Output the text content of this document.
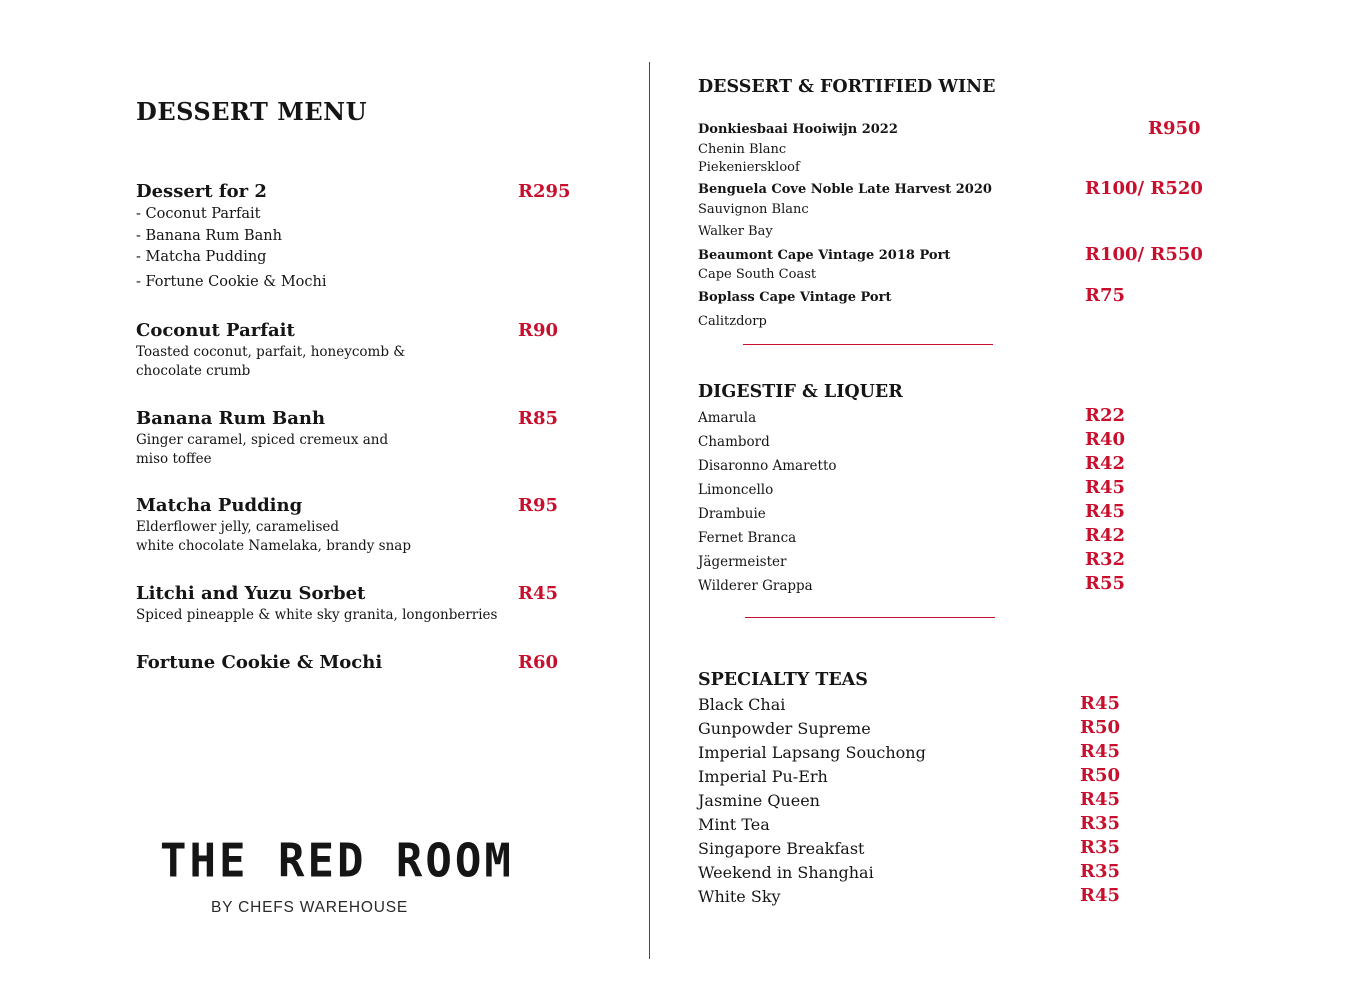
DESSERT MENU
Dessert for 2	R295
- Coconut Parfait
- Banana Rum Banh
- Matcha Pudding
- Fortune Cookie & Mochi
Coconut Parfait	R90
Toasted coconut, parfait, honeycomb &
chocolate crumb
Banana Rum Banh	R85
Ginger caramel, spiced cremeux and
miso toffee
Matcha Pudding	R95
Elderflower jelly, caramelised
white chocolate Namelaka, brandy snap
Litchi and Yuzu Sorbet	R45
Spiced pineapple & white sky granita, longonberries
Fortune Cookie & Mochi	R60
THE RED ROOM
BY CHEFS WAREHOUSE
DESSERT & FORTIFIED WINE
Donkiesbaai Hooiwijn 2022
Chenin Blanc
Piekenierskloof
R950
Benguela Cove Noble Late Harvest 2020
Sauvignon Blanc
Walker Bay
R100/ R520
Beaumont Cape Vintage 2018 Port
Cape South Coast
R100/ R550
Boplass Cape Vintage Port
Calitzdorp
R75
DIGESTIF & LIQUER
Amarula	R22
Chambord	R40
Disaronno Amaretto	R42
Limoncello	R45
Drambuie	R45
Fernet Branca	R42
Jägermeister	R32
Wilderer Grappa	R55
SPECIALTY TEAS
Black Chai	R45
Gunpowder Supreme	R50
Imperial Lapsang Souchong	R45
Imperial Pu-Erh	R50
Jasmine Queen	R45
Mint Tea	R35
Singapore Breakfast	R35
Weekend in Shanghai	R35
White Sky	R45
